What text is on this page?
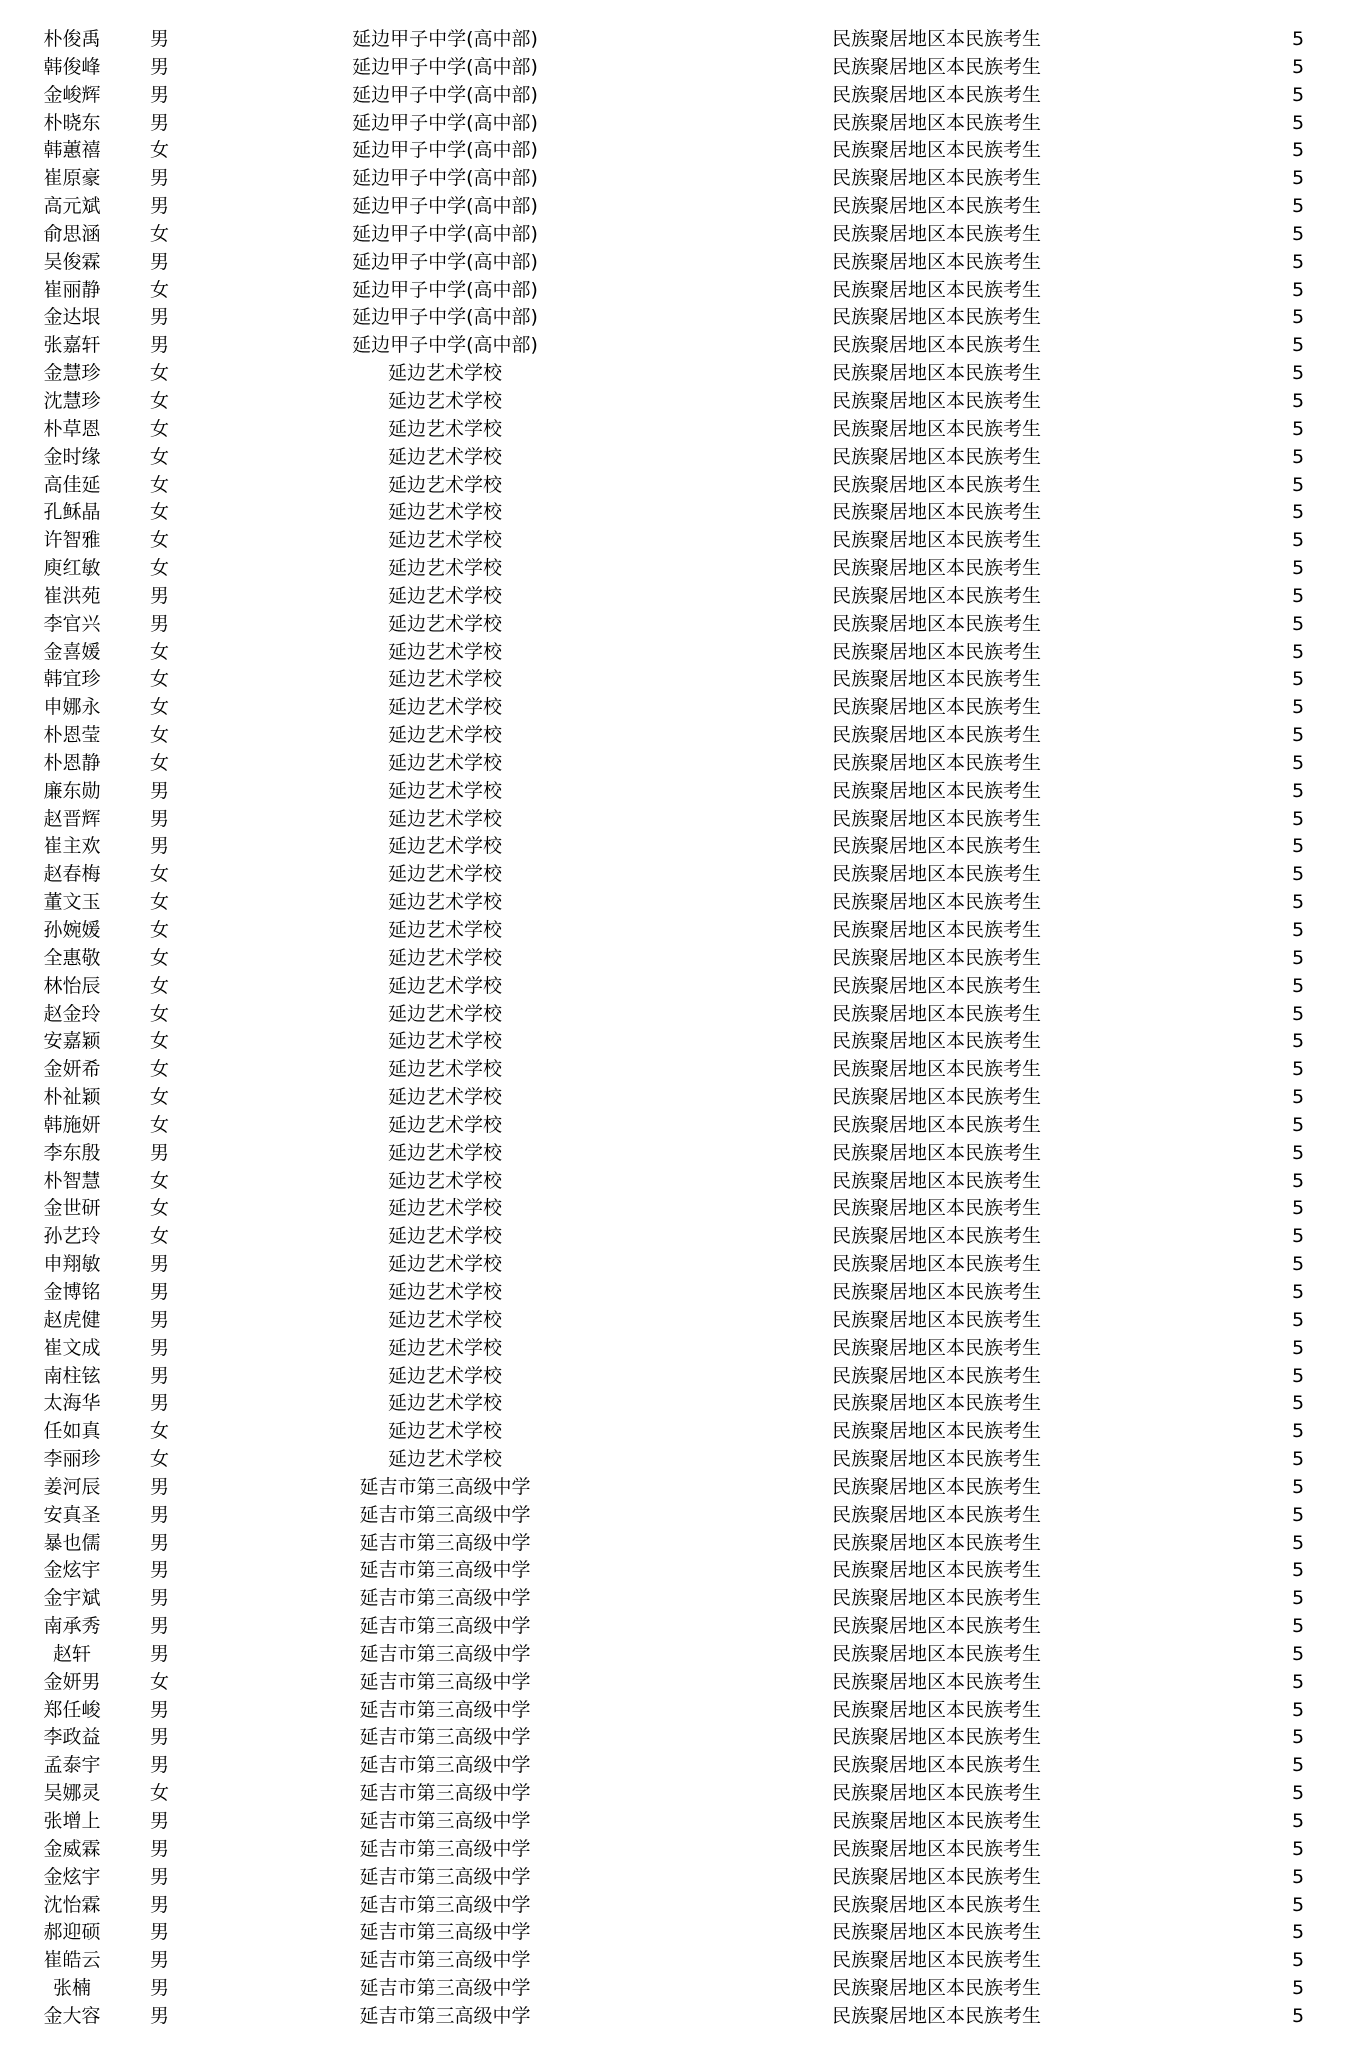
朴俊禹	男	延边甲子中学(高中部)	民族聚居地区本民族考生	5
韩俊峰	男	延边甲子中学(高中部)	民族聚居地区本民族考生	5
金峻辉	男	延边甲子中学(高中部)	民族聚居地区本民族考生	5
朴晓东	男	延边甲子中学(高中部)	民族聚居地区本民族考生	5
韩蕙禧	女	延边甲子中学(高中部)	民族聚居地区本民族考生	5
崔原豪	男	延边甲子中学(高中部)	民族聚居地区本民族考生	5
高元斌	男	延边甲子中学(高中部)	民族聚居地区本民族考生	5
俞思涵	女	延边甲子中学(高中部)	民族聚居地区本民族考生	5
吴俊霖	男	延边甲子中学(高中部)	民族聚居地区本民族考生	5
崔丽静	女	延边甲子中学(高中部)	民族聚居地区本民族考生	5
金达垠	男	延边甲子中学(高中部)	民族聚居地区本民族考生	5
张嘉轩	男	延边甲子中学(高中部)	民族聚居地区本民族考生	5
金慧珍	女	延边艺术学校	民族聚居地区本民族考生	5
沈慧珍	女	延边艺术学校	民族聚居地区本民族考生	5
朴草恩	女	延边艺术学校	民族聚居地区本民族考生	5
金时缘	女	延边艺术学校	民族聚居地区本民族考生	5
高佳延	女	延边艺术学校	民族聚居地区本民族考生	5
孔稣晶	女	延边艺术学校	民族聚居地区本民族考生	5
许智雅	女	延边艺术学校	民族聚居地区本民族考生	5
庾红敏	女	延边艺术学校	民族聚居地区本民族考生	5
崔洪苑	男	延边艺术学校	民族聚居地区本民族考生	5
李官兴	男	延边艺术学校	民族聚居地区本民族考生	5
金喜媛	女	延边艺术学校	民族聚居地区本民族考生	5
韩宜珍	女	延边艺术学校	民族聚居地区本民族考生	5
申娜永	女	延边艺术学校	民族聚居地区本民族考生	5
朴恩莹	女	延边艺术学校	民族聚居地区本民族考生	5
朴恩静	女	延边艺术学校	民族聚居地区本民族考生	5
廉东勋	男	延边艺术学校	民族聚居地区本民族考生	5
赵晋辉	男	延边艺术学校	民族聚居地区本民族考生	5
崔主欢	男	延边艺术学校	民族聚居地区本民族考生	5
赵春梅	女	延边艺术学校	民族聚居地区本民族考生	5
董文玉	女	延边艺术学校	民族聚居地区本民族考生	5
孙婉媛	女	延边艺术学校	民族聚居地区本民族考生	5
全惠敬	女	延边艺术学校	民族聚居地区本民族考生	5
林怡辰	女	延边艺术学校	民族聚居地区本民族考生	5
赵金玲	女	延边艺术学校	民族聚居地区本民族考生	5
安嘉颖	女	延边艺术学校	民族聚居地区本民族考生	5
金妍希	女	延边艺术学校	民族聚居地区本民族考生	5
朴祉颖	女	延边艺术学校	民族聚居地区本民族考生	5
韩施妍	女	延边艺术学校	民族聚居地区本民族考生	5
李东殷	男	延边艺术学校	民族聚居地区本民族考生	5
朴智慧	女	延边艺术学校	民族聚居地区本民族考生	5
金世研	女	延边艺术学校	民族聚居地区本民族考生	5
孙艺玲	女	延边艺术学校	民族聚居地区本民族考生	5
申翔敏	男	延边艺术学校	民族聚居地区本民族考生	5
金博铭	男	延边艺术学校	民族聚居地区本民族考生	5
赵虎健	男	延边艺术学校	民族聚居地区本民族考生	5
崔文成	男	延边艺术学校	民族聚居地区本民族考生	5
南柱铉	男	延边艺术学校	民族聚居地区本民族考生	5
太海华	男	延边艺术学校	民族聚居地区本民族考生	5
任如真	女	延边艺术学校	民族聚居地区本民族考生	5
李丽珍	女	延边艺术学校	民族聚居地区本民族考生	5
姜河辰	男	延吉市第三高级中学	民族聚居地区本民族考生	5
安真圣	男	延吉市第三高级中学	民族聚居地区本民族考生	5
暴也儒	男	延吉市第三高级中学	民族聚居地区本民族考生	5
金炫宇	男	延吉市第三高级中学	民族聚居地区本民族考生	5
金宇斌	男	延吉市第三高级中学	民族聚居地区本民族考生	5
南承秀	男	延吉市第三高级中学	民族聚居地区本民族考生	5
赵轩	男	延吉市第三高级中学	民族聚居地区本民族考生	5
金妍男	女	延吉市第三高级中学	民族聚居地区本民族考生	5
郑任峻	男	延吉市第三高级中学	民族聚居地区本民族考生	5
李政益	男	延吉市第三高级中学	民族聚居地区本民族考生	5
孟泰宇	男	延吉市第三高级中学	民族聚居地区本民族考生	5
吴娜灵	女	延吉市第三高级中学	民族聚居地区本民族考生	5
张增上	男	延吉市第三高级中学	民族聚居地区本民族考生	5
金威霖	男	延吉市第三高级中学	民族聚居地区本民族考生	5
金炫宇	男	延吉市第三高级中学	民族聚居地区本民族考生	5
沈怡霖	男	延吉市第三高级中学	民族聚居地区本民族考生	5
郝迎硕	男	延吉市第三高级中学	民族聚居地区本民族考生	5
崔皓云	男	延吉市第三高级中学	民族聚居地区本民族考生	5
张楠	男	延吉市第三高级中学	民族聚居地区本民族考生	5
金大容	男	延吉市第三高级中学	民族聚居地区本民族考生	5
